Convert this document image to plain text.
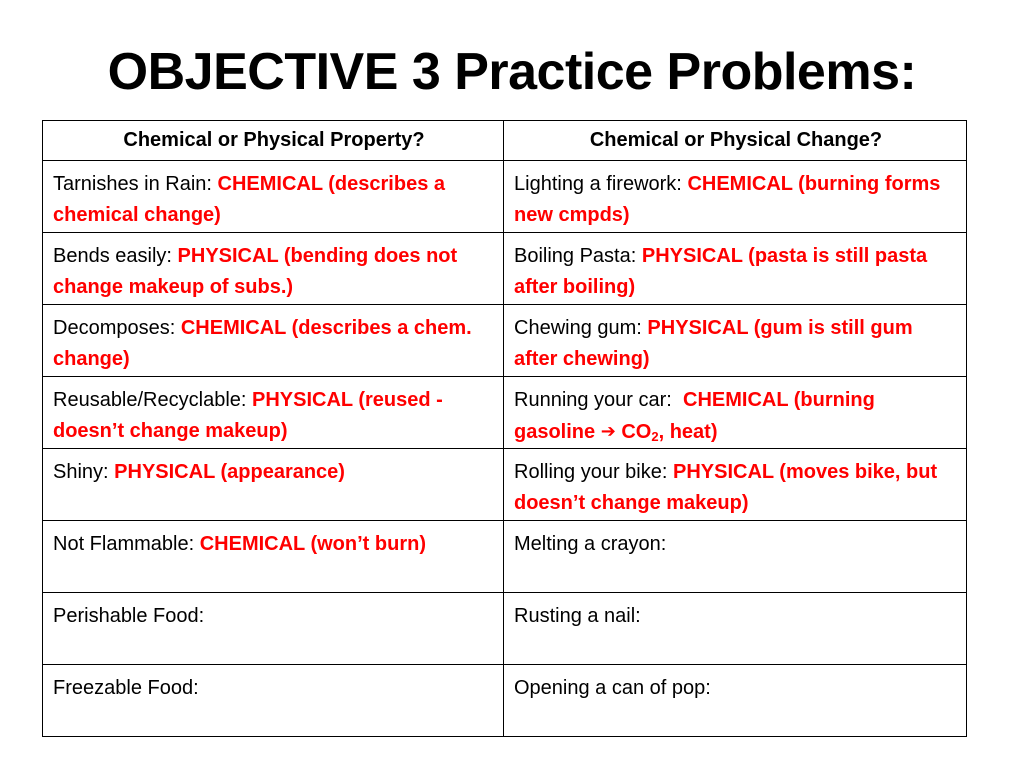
OBJECTIVE 3 Practice Problems:
Chemical or Physical Property?	Chemical or Physical Change?
Tarnishes in Rain: CHEMICAL (describes a chemical change)	Lighting a firework: CHEMICAL (burning forms new cmpds)
Bends easily: PHYSICAL (bending does not change makeup of subs.)	Boiling Pasta: PHYSICAL (pasta is still pasta after boiling)
Decomposes: CHEMICAL (describes a chem. change)	Chewing gum: PHYSICAL (gum is still gum after chewing)
Reusable/Recyclable: PHYSICAL (reused - doesn’t change makeup)	Running your car: CHEMICAL (burning gasoline ➔ $CO_2$, heat)
Shiny: PHYSICAL (appearance)	Rolling your bike: PHYSICAL (moves bike, but doesn’t change makeup)
Not Flammable: CHEMICAL (won’t burn)	Melting a crayon:
Perishable Food:	Rusting a nail:
Freezable Food:	Opening a can of pop:
